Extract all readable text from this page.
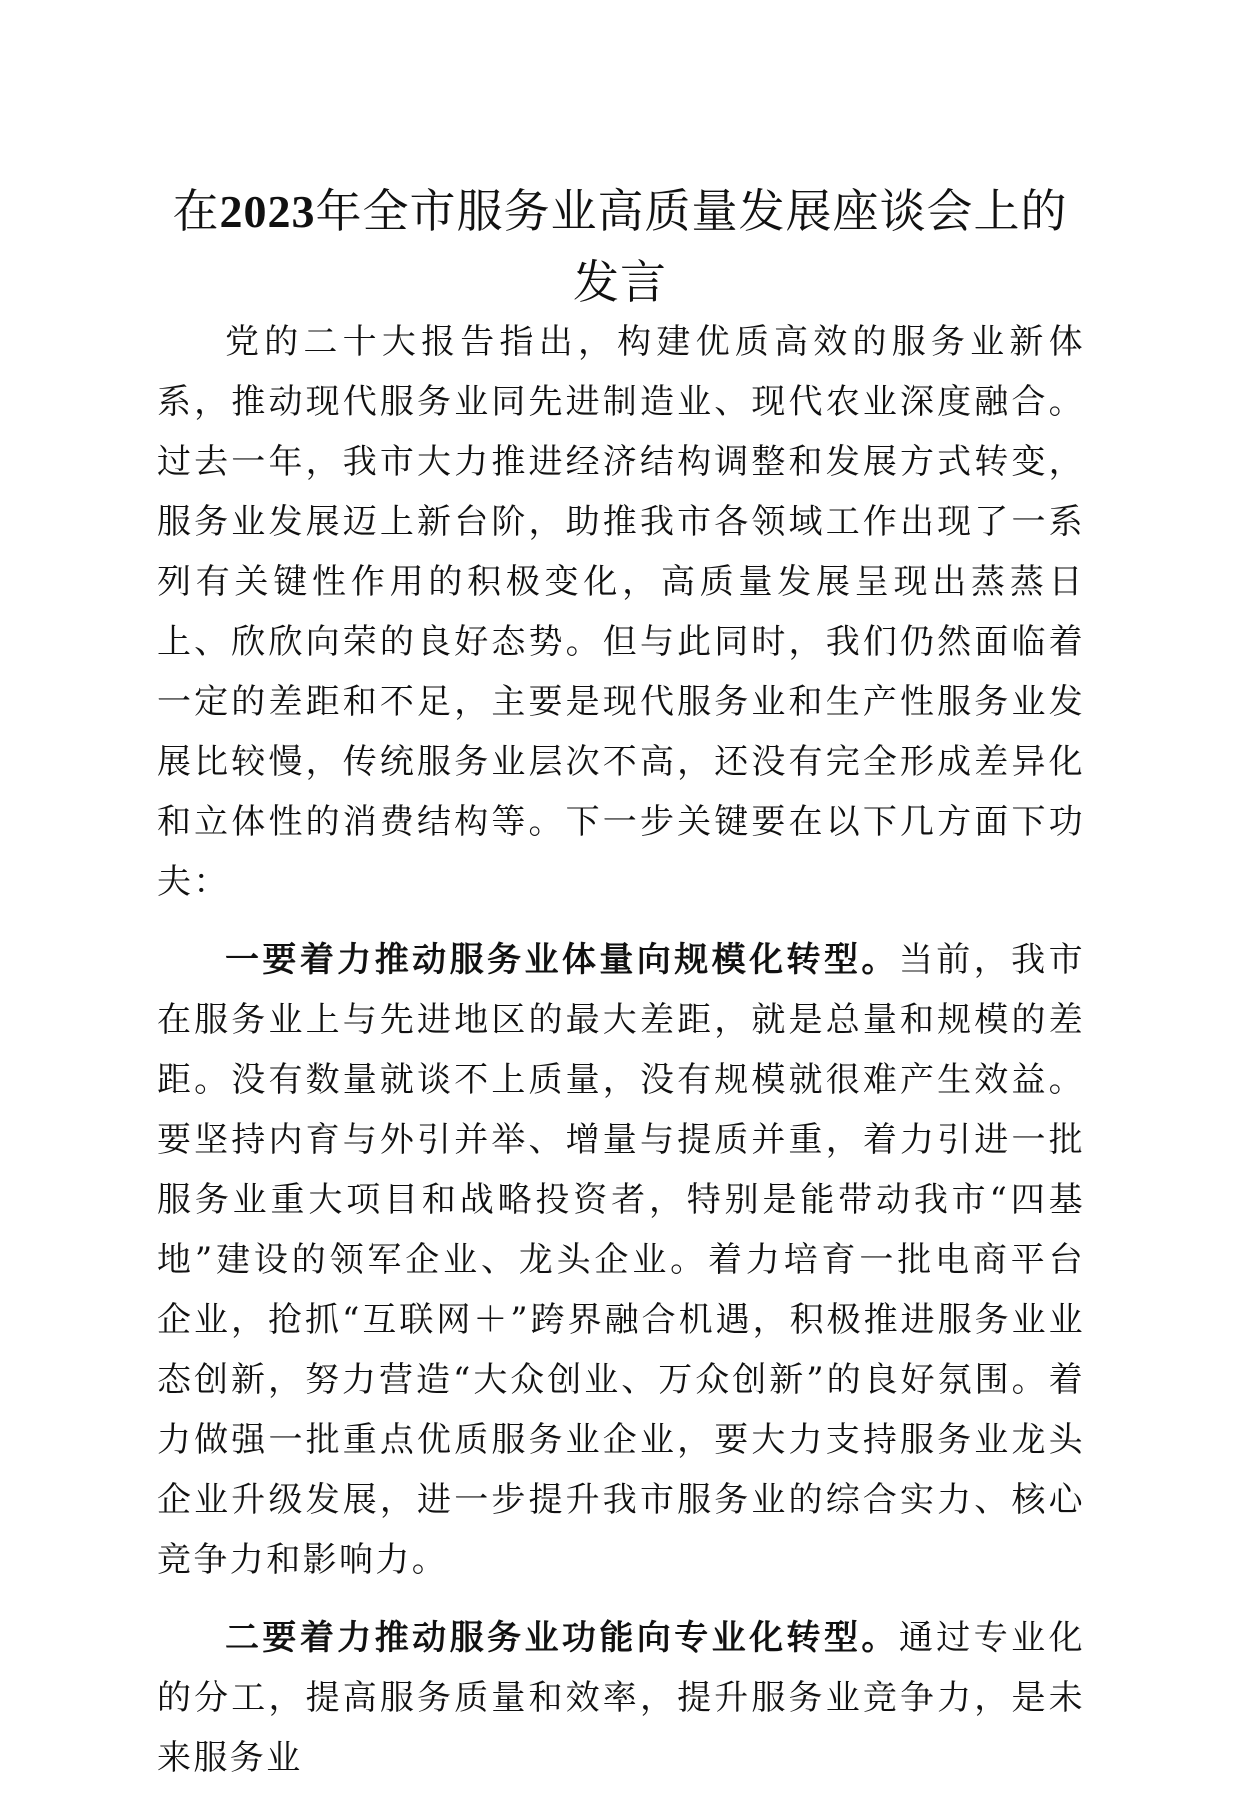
在2023年全市服务业高质量发展座谈会上的发言

党的二十大报告指出，构建优质高效的服务业新体系，推动现代服务业同先进制造业、现代农业深度融合。过去一年，我市大力推进经济结构调整和发展方式转变，服务业发展迈上新台阶，助推我市各领域工作出现了一系列有关键性作用的积极变化，高质量发展呈现出蒸蒸日上、欣欣向荣的良好态势。但与此同时，我们仍然面临着一定的差距和不足，主要是现代服务业和生产性服务业发展比较慢，传统服务业层次不高，还没有完全形成差异化和立体性的消费结构等。下一步关键要在以下几方面下功夫：

一要着力推动服务业体量向规模化转型。当前，我市在服务业上与先进地区的最大差距，就是总量和规模的差距。没有数量就谈不上质量，没有规模就很难产生效益。要坚持内育与外引并举、增量与提质并重，着力引进一批服务业重大项目和战略投资者，特别是能带动我市“四基地”建设的领军企业、龙头企业。着力培育一批电商平台企业，抢抓“互联网＋”跨界融合机遇，积极推进服务业业态创新，努力营造“大众创业、万众创新”的良好氛围。着力做强一批重点优质服务业企业，要大力支持服务业龙头企业升级发展，进一步提升我市服务业的综合实力、核心竞争力和影响力。

二要着力推动服务业功能向专业化转型。通过专业化的分工，提高服务质量和效率，提升服务业竞争力，是未来服务业
